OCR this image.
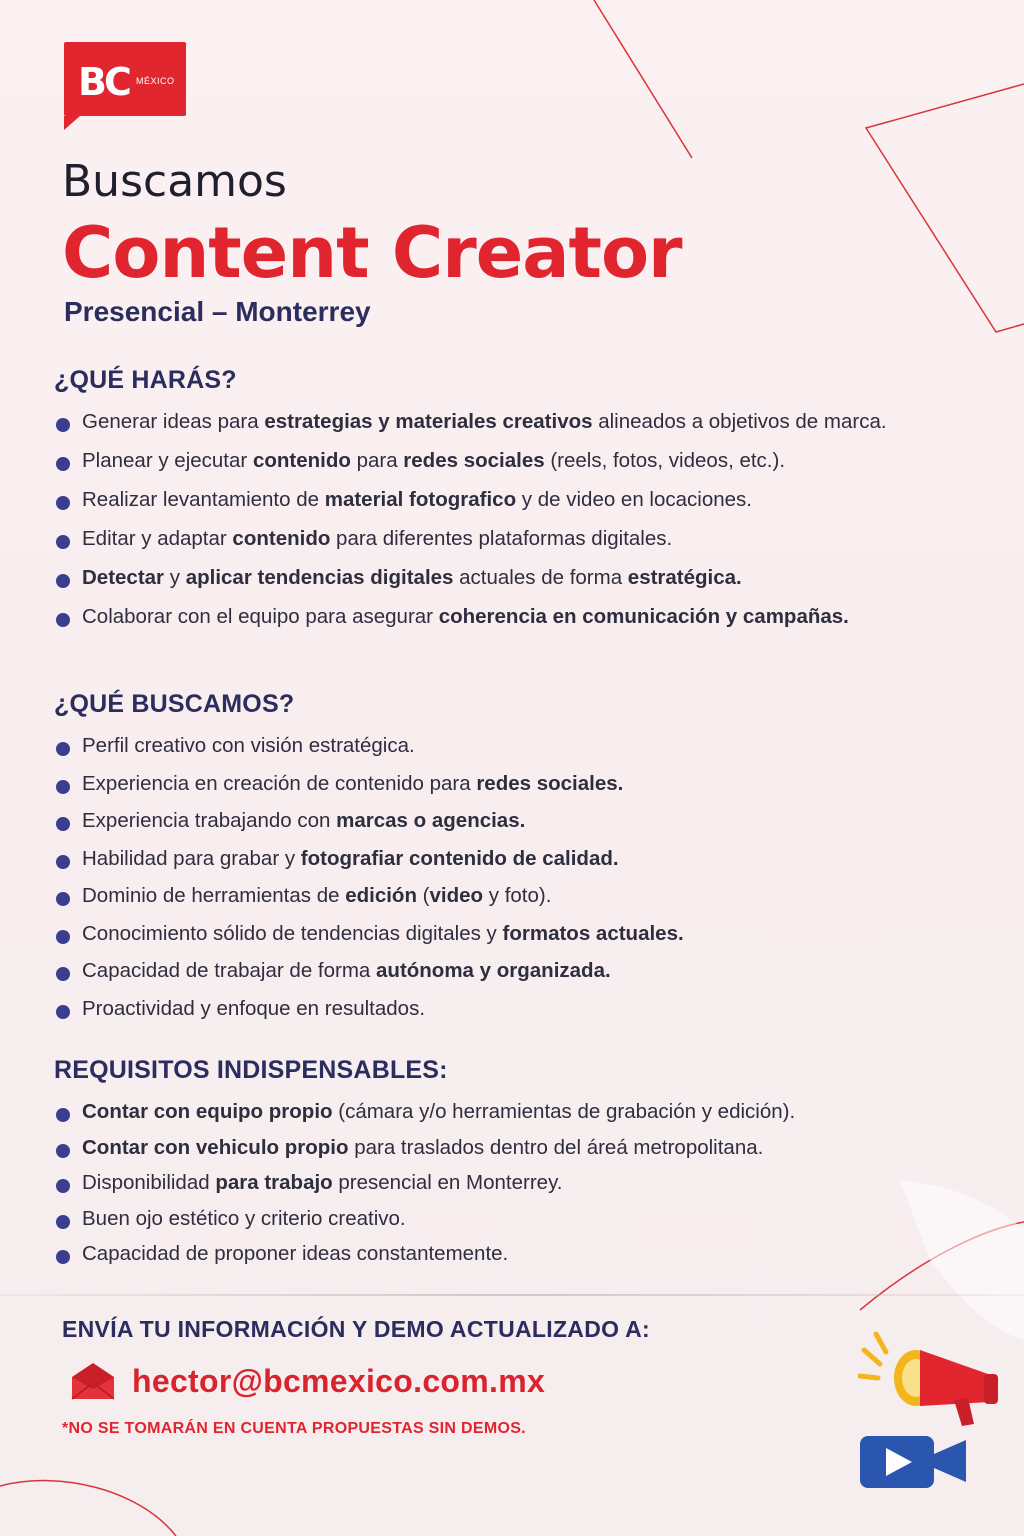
BC MÉXICO
Buscamos
Content Creator
Presencial – Monterrey
¿QUÉ HARÁS?
Generar ideas para estrategias y materiales creativos alineados a objetivos de marca.
Planear y ejecutar contenido para redes sociales (reels, fotos, videos, etc.).
Realizar levantamiento de material fotografico y de video en locaciones.
Editar y adaptar contenido para diferentes plataformas digitales.
Detectar y aplicar tendencias digitales actuales de forma estratégica.
Colaborar con el equipo para asegurar coherencia en comunicación y campañas.
¿QUÉ BUSCAMOS?
Perfil creativo con visión estratégica.
Experiencia en creación de contenido para redes sociales.
Experiencia trabajando con marcas o agencias.
Habilidad para grabar y fotografiar contenido de calidad.
Dominio de herramientas de edición (video y foto).
Conocimiento sólido de tendencias digitales y formatos actuales.
Capacidad de trabajar de forma autónoma y organizada.
Proactividad y enfoque en resultados.
REQUISITOS INDISPENSABLES:
Contar con equipo propio (cámara y/o herramientas de grabación y edición).
Contar con vehiculo propio para traslados dentro del áreá metropolitana.
Disponibilidad para trabajo presencial en Monterrey.
Buen ojo estético y criterio creativo.
Capacidad de proponer ideas constantemente.
ENVÍA TU INFORMACIÓN Y DEMO ACTUALIZADO A:
hector@bcmexico.com.mx
*NO SE TOMARÁN EN CUENTA PROPUESTAS SIN DEMOS.
